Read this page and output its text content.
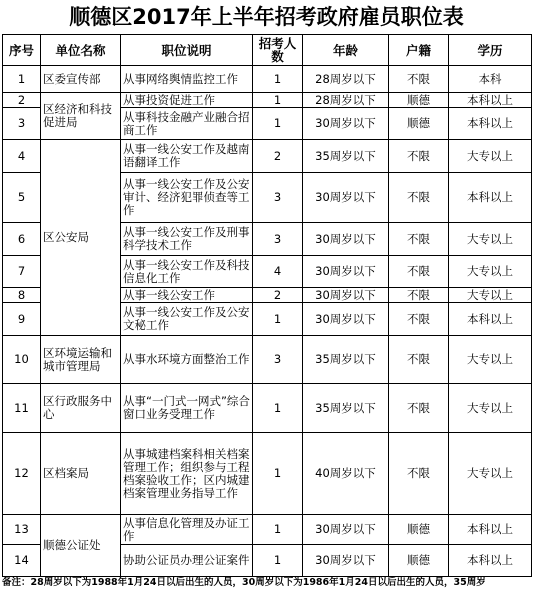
顺德区2017年上半年招考政府雇员职位表
序号	单位名称	职位说明	招考人数	年龄	户籍	学历
1	区委宣传部	从事网络舆情监控工作	1	28周岁以下	不限	本科
2	区经济和科技促进局	从事投资促进工作	1	28周岁以下	顺德	本科以上
3		从事科技金融产业融合招商工作	1	30周岁以下	顺德	本科以上
4	区公安局	从事一线公安工作及越南语翻译工作	2	35周岁以下	不限	大专以上
5		从事一线公安工作及公安审计、经济犯罪侦查等工作	3	30周岁以下	不限	本科以上
6		从事一线公安工作及刑事科学技术工作	3	30周岁以下	不限	大专以上
7		从事一线公安工作及科技信息化工作	4	30周岁以下	不限	大专以上
8		从事一线公安工作	2	30周岁以下	不限	大专以上
9		从事一线公安工作及公安文秘工作	1	30周岁以下	不限	本科以上
10	区环境运输和城市管理局	从事水环境方面整治工作	3	35周岁以下	不限	大专以上
11	区行政服务中心	从事“一门式一网式”综合窗口业务受理工作	1	35周岁以下	不限	大专以上
12	区档案局	从事城建档案科相关档案管理工作；组织参与工程档案验收工作；区内城建档案管理业务指导工作	1	40周岁以下	不限	大专以上
13	顺德公证处	从事信息化管理及办证工作	1	30周岁以下	顺德	本科以上
14		协助公证员办理公证案件	1	30周岁以下	顺德	本科以上
备注：28周岁以下为1988年1月24日以后出生的人员，30周岁以下为1986年1月24日以后出生的人员，35周岁
